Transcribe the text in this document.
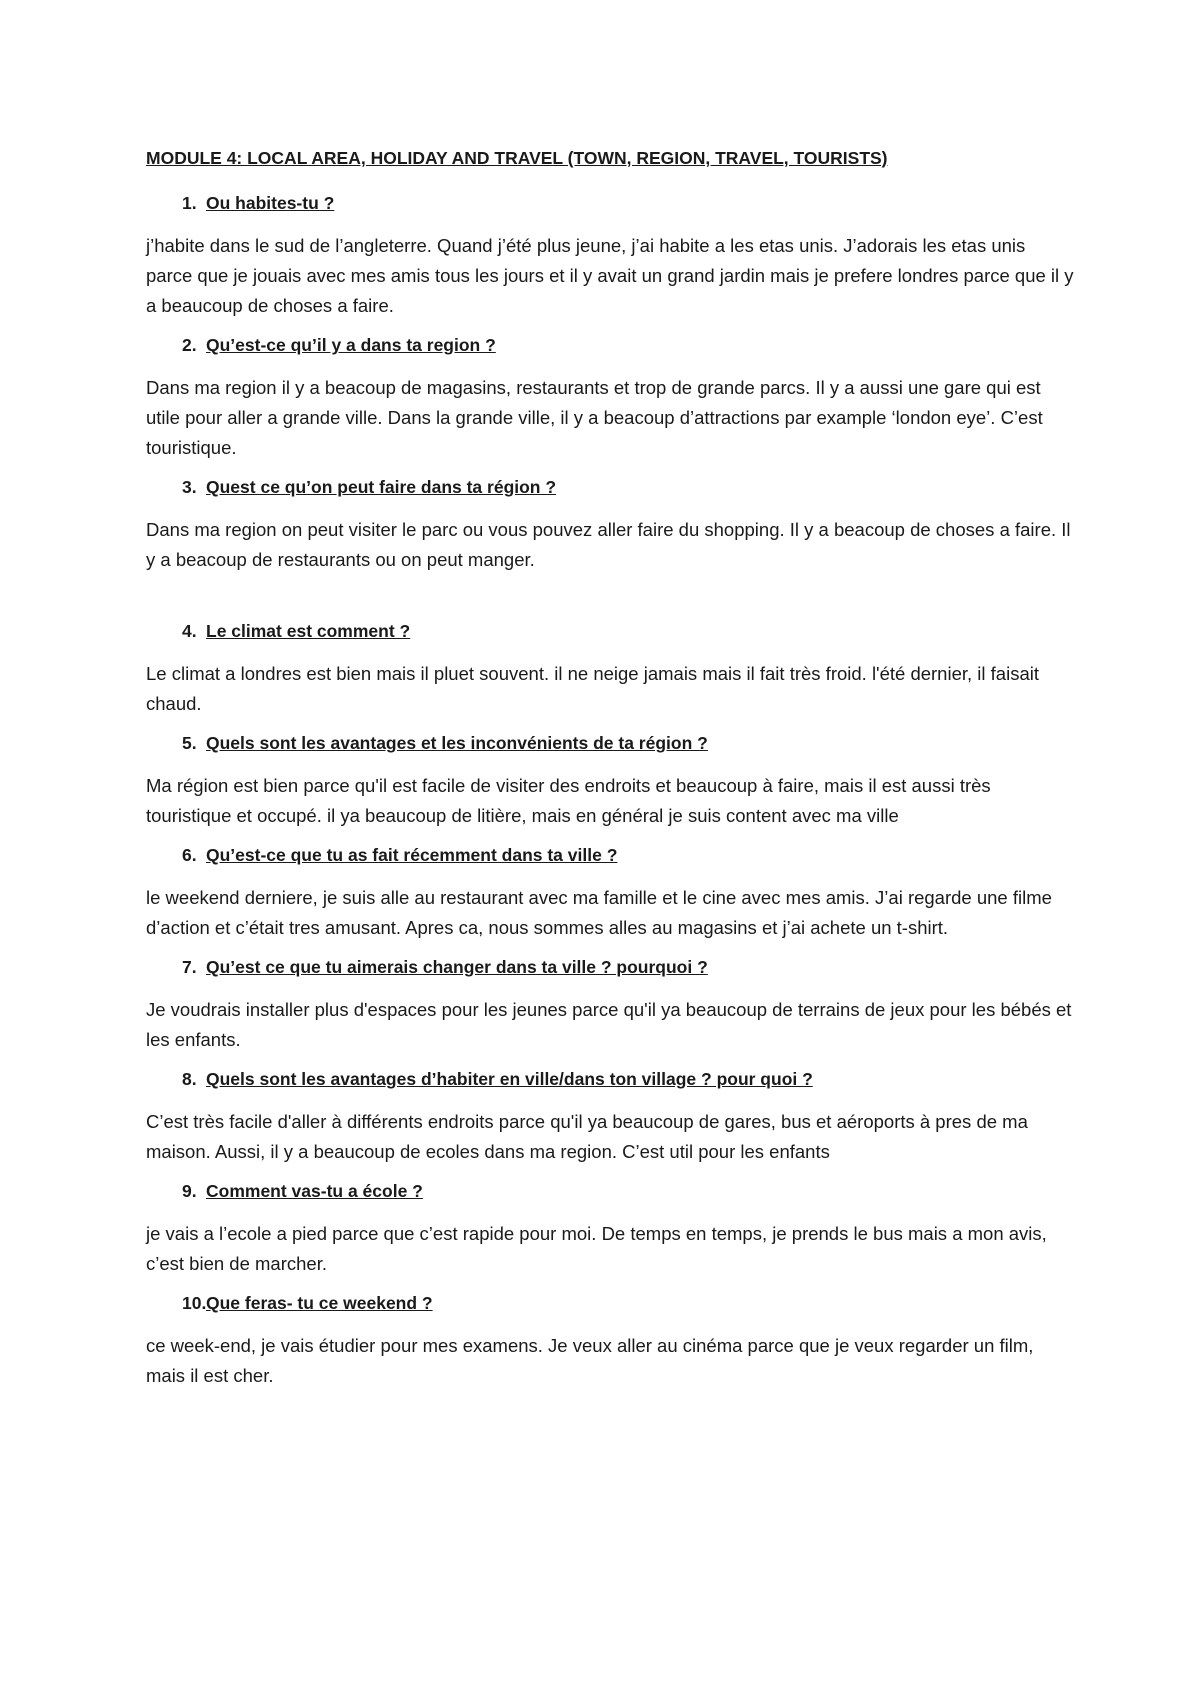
MODULE 4: LOCAL AREA, HOLIDAY AND TRAVEL (TOWN, REGION, TRAVEL, TOURISTS)

1. Ou habites-tu ?

j’habite dans le sud de l’angleterre. Quand j’été plus jeune, j’ai habite a les etas unis. J’adorais les etas unis parce que je jouais avec mes amis tous les jours et il y avait un grand jardin mais je prefere londres parce que il y a beaucoup de choses a faire.

2. Qu’est-ce qu’il y a dans ta region ?

Dans ma region il y a beacoup de magasins, restaurants et trop de grande parcs. Il y a aussi une gare qui est utile pour aller a grande ville. Dans la grande ville, il y a beacoup d’attractions par example ‘london eye’. C’est touristique.

3. Quest ce qu’on peut faire dans ta région ?

Dans ma region on peut visiter le parc ou vous pouvez aller faire du shopping. Il y a beacoup de choses a faire. Il y a beacoup de restaurants ou on peut manger.

4. Le climat est comment ?

Le climat a londres est bien mais il pluet souvent. il ne neige jamais mais il fait très froid. l'été dernier, il faisait chaud.

5. Quels sont les avantages et les inconvénients de ta région ?

Ma région est bien parce qu'il est facile de visiter des endroits et beaucoup à faire, mais il est aussi très touristique et occupé. il ya beaucoup de litière, mais en général je suis content avec ma ville

6. Qu’est-ce que tu as fait récemment dans ta ville ?

le weekend derniere, je suis alle au restaurant avec ma famille et le cine avec mes amis. J’ai regarde une filme d’action et c’était tres amusant. Apres ca, nous sommes alles au magasins et j’ai achete un t-shirt.

7. Qu’est ce que tu aimerais changer dans ta ville ? pourquoi ?

Je voudrais installer plus d'espaces pour les jeunes parce qu'il ya beaucoup de terrains de jeux pour les bébés et les enfants.

8. Quels sont les avantages d’habiter en ville/dans ton village ? pour quoi ?

C’est très facile d'aller à différents endroits parce qu'il ya beaucoup de gares, bus et aéroports à pres de ma maison. Aussi, il y a beaucoup de ecoles dans ma region. C’est util pour les enfants

9. Comment vas-tu a école ?

je vais a l’ecole a pied parce que c’est rapide pour moi. De temps en temps, je prends le bus mais a mon avis, c’est bien de marcher.

10. Que feras- tu ce weekend ?

ce week-end, je vais étudier pour mes examens. Je veux aller au cinéma parce que je veux regarder un film, mais il est cher.
